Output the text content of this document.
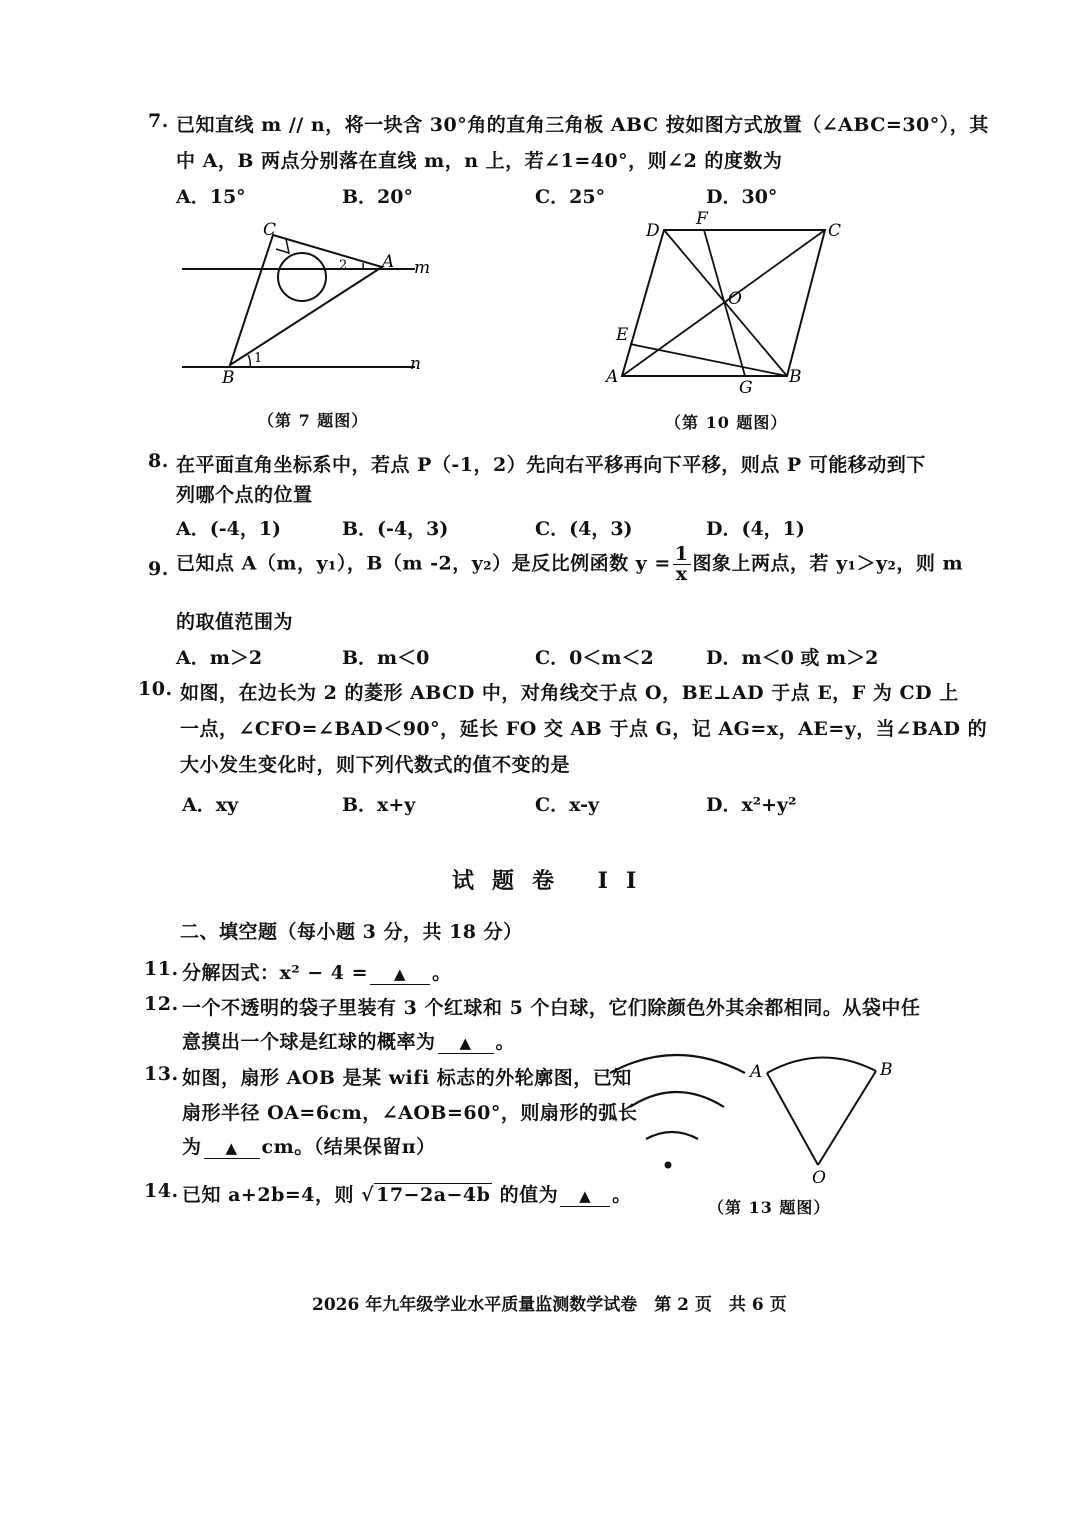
7. 已知直线 m // n，将一块含 30°角的直角三角板 ABC 按如图方式放置（∠ABC=30°），其
中 A，B 两点分别落在直线 m，n 上，若∠1=40°，则∠2 的度数为
A．15°	B．20°	C．25°	D．30°
C
A
B
m
n
1
2
（第 7 题图）
D
F
C
O
E
A
G
B
（第 10 题图）
8. 在平面直角坐标系中，若点 P（-1，2）先向右平移再向下平移，则点 P 可能移动到下
列哪个点的位置
A．(-4，1)	B．(-4，3)	C．(4，3)	D．(4，1)
9. 已知点 A（m，y₁），B（m -2，y₂）是反比例函数 $y = \frac{1}{x}$ 图象上两点，若 y₁＞y₂，则 m
的取值范围为
A．m＞2	B．m＜0	C．0＜m＜2	D．m＜0 或 m＞2
10. 如图，在边长为 2 的菱形 ABCD 中，对角线交于点 O，BE⊥AD 于点 E，F 为 CD 上
一点，∠CFO=∠BAD＜90°，延长 FO 交 AB 于点 G，记 AG=x，AE=y，当∠BAD 的
大小发生变化时，则下列代数式的值不变的是
A．xy	B．x+y	C．x-y	D．x²+y²
试题卷 II
二、填空题（每小题 3 分，共 18 分）
11. 分解因式：x² − 4 = ▲ 。
12. 一个不透明的袋子里装有 3 个红球和 5 个白球，它们除颜色外其余都相同。从袋中任
意摸出一个球是红球的概率为 ▲ 。
13. 如图，扇形 AOB 是某 wifi 标志的外轮廓图，已知
扇形半径 OA=6cm，∠AOB=60°，则扇形的弧长
为 ▲ cm。（结果保留π）
A	B
O
（第 13 题图）
14. 已知 a+2b=4，则 √ 17−2a−4b 的值为 ▲ 。
2026 年九年级学业水平质量监测数学试卷　第 2 页　共 6 页
